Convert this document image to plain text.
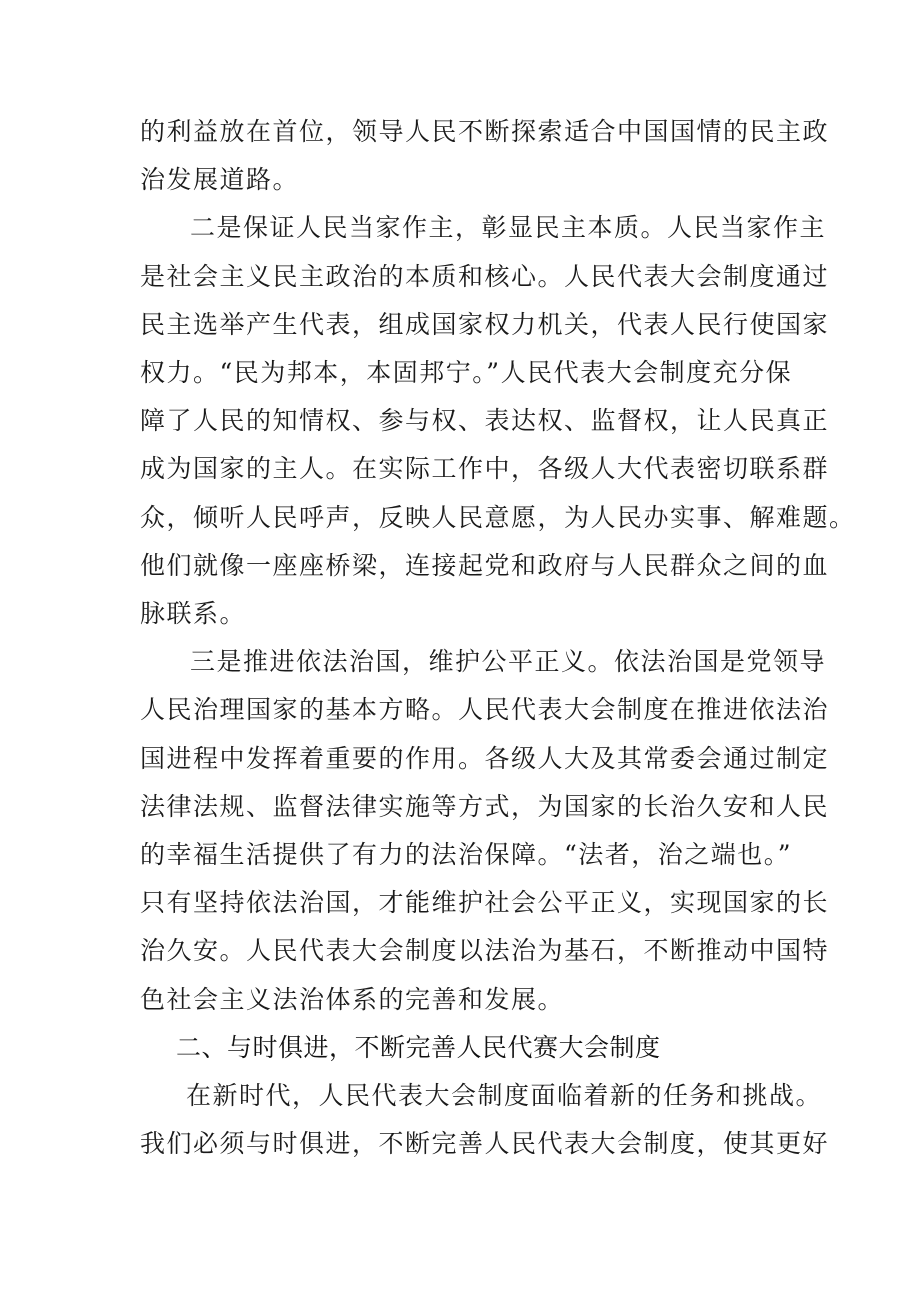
的利益放在首位，领导人民不断探索适合中国国情的民主政
治发展道路。

二是保证人民当家作主，彰显民主本质。人民当家作主
是社会主义民主政治的本质和核心。人民代表大会制度通过
民主选举产生代表，组成国家权力机关，代表人民行使国家
权力。“民为邦本，本固邦宁。”人民代表大会制度充分保
障了人民的知情权、参与权、表达权、监督权，让人民真正
成为国家的主人。在实际工作中，各级人大代表密切联系群
众，倾听人民呼声，反映人民意愿，为人民办实事、解难题。
他们就像一座座桥梁，连接起党和政府与人民群众之间的血
脉联系。

三是推进依法治国，维护公平正义。依法治国是党领导
人民治理国家的基本方略。人民代表大会制度在推进依法治
国进程中发挥着重要的作用。各级人大及其常委会通过制定
法律法规、监督法律实施等方式，为国家的长治久安和人民
的幸福生活提供了有力的法治保障。“法者，治之端也。”
只有坚持依法治国，才能维护社会公平正义，实现国家的长
治久安。人民代表大会制度以法治为基石，不断推动中国特
色社会主义法治体系的完善和发展。

二、与时俱进，不断完善人民代赛大会制度

在新时代，人民代表大会制度面临着新的任务和挑战。
我们必须与时俱进，不断完善人民代表大会制度，使其更好
